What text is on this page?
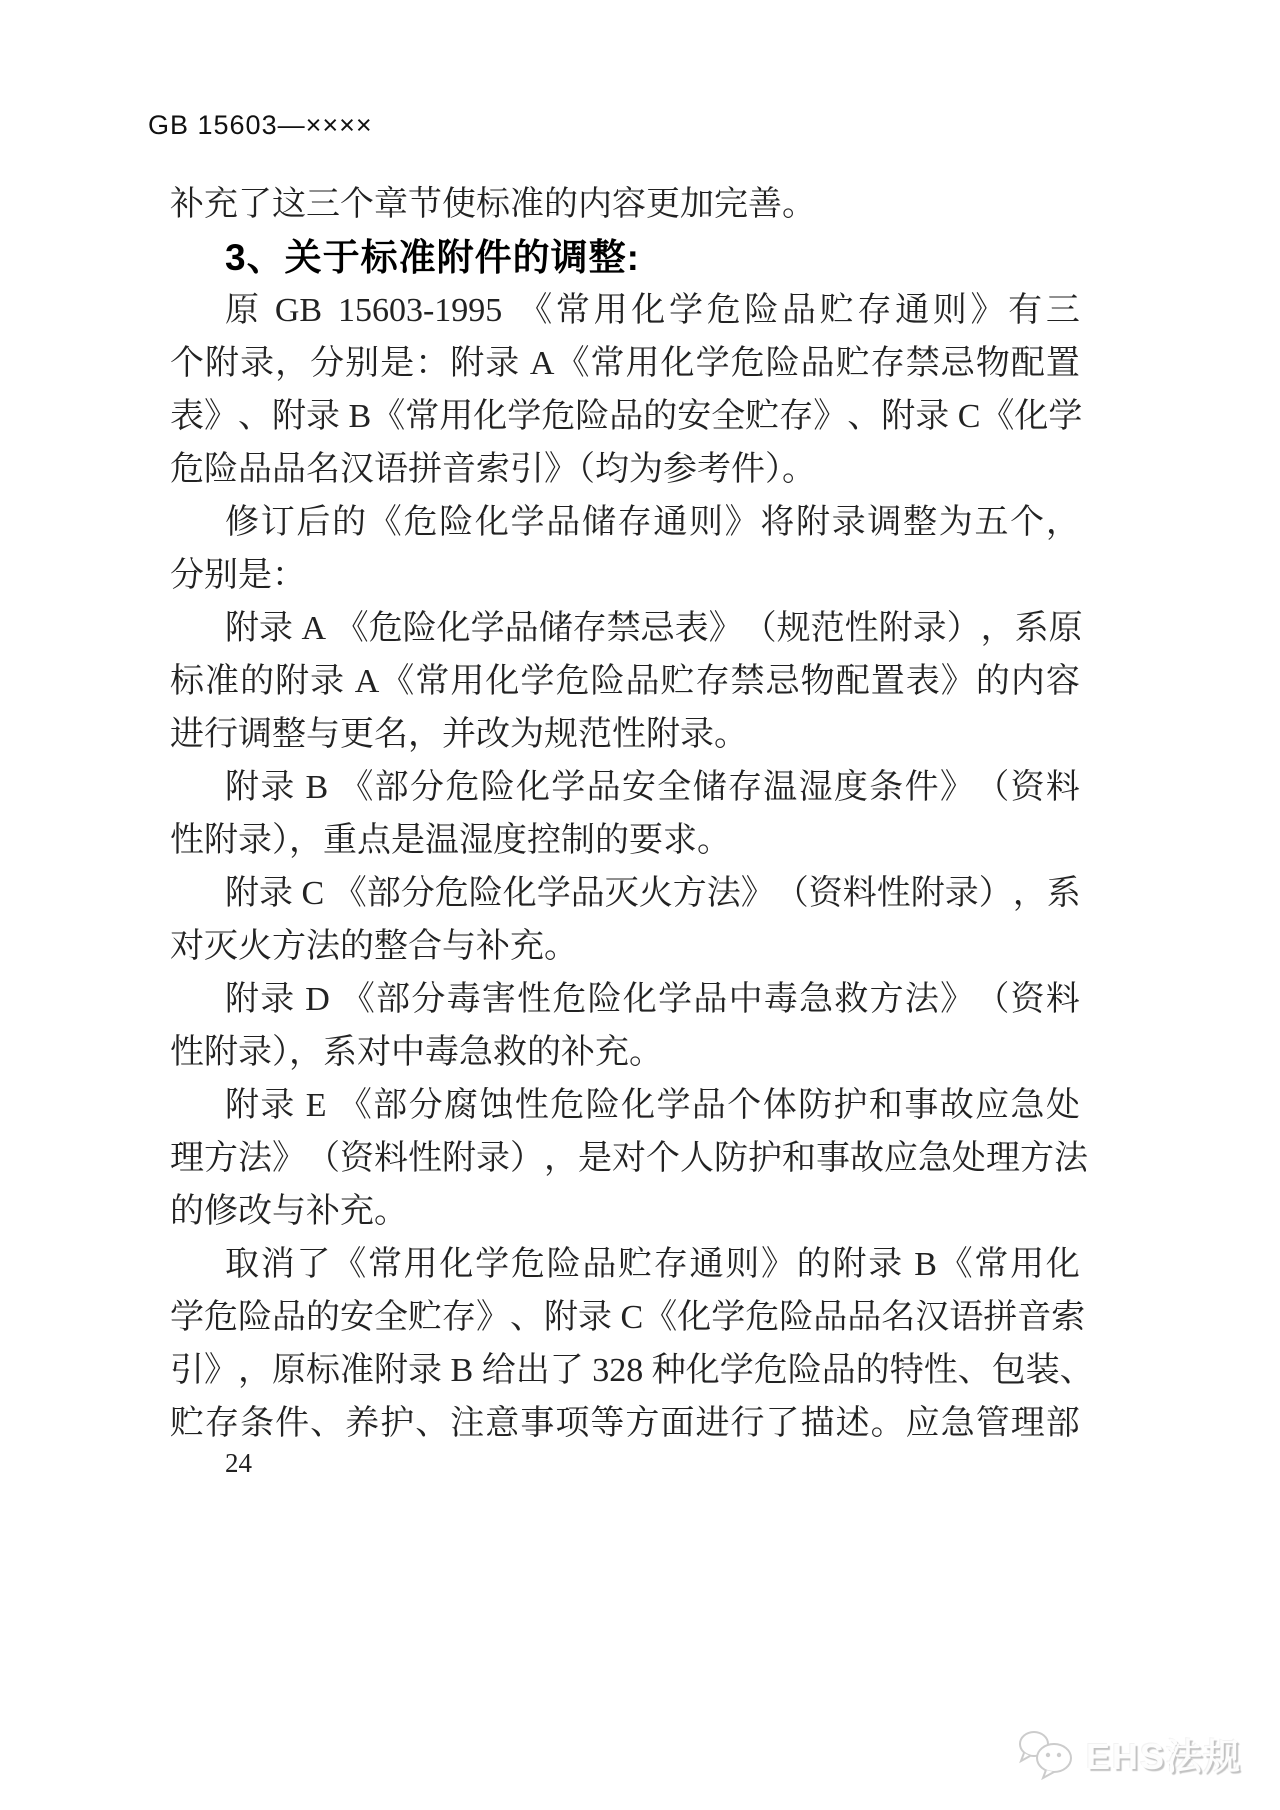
GB 15603—××××
补充了这三个章节使标准的内容更加完善。
3、关于标准附件的调整:
原
GB
15603-1995
《 常 用 化 学 危 险 品 贮 存 通 则 》 有 三
个 附 录 ， 分 别 是 ： 附 录
A 《 常 用 化 学 危 险 品 贮 存 禁 忌 物 配 置
表 》 、 附 录
B 《 常 用 化 学 危 险 品 的 安 全 贮 存 》 、 附 录
C 《 化 学
危险品品名汉语拼音索引》（均为参考件）。
修 订 后 的 《 危 险 化 学 品 储 存 通 则 》 将 附 录 调 整 为 五 个 ，
分别是：
附 录
A
《 危 险 化 学 品 储 存 禁 忌 表 》 （ 规 范 性 附 录 ） ， 系 原
标 准 的 附 录
A 《 常 用 化 学 危 险 品 贮 存 禁 忌 物 配 置 表 》 的 内 容
进行调整与更名，并改为规范性附录。
附 录
B
《 部 分 危 险 化 学 品 安 全 储 存 温 湿 度 条 件 》 （ 资 料
性附录），重点是温湿度控制的要求。
附 录
C
《 部 分 危 险 化 学 品 灭 火 方 法 》 （ 资 料 性 附 录 ） ， 系
对灭火方法的整合与补充。
附 录
D
《 部 分 毒 害 性 危 险 化 学 品 中 毒 急 救 方 法 》 （ 资 料
性附录），系对中毒急救的补充。
附 录
E
《 部 分 腐 蚀 性 危 险 化 学 品 个 体 防 护 和 事 故 应 急 处
理 方 法 》 （ 资 料 性 附 录 ） ， 是 对 个 人 防 护 和 事 故 应 急 处 理 方 法
的修改与补充。
取 消 了 《 常 用 化 学 危 险 品 贮 存 通 则 》 的 附 录
B 《 常 用 化
学 危 险 品 的 安 全 贮 存 》 、 附 录
C 《 化 学 危 险 品 品 名 汉 语 拼 音 索
引 》 ， 原 标 准 附 录
B
给 出 了
328
种 化 学 危 险 品 的 特 性 、 包 装 、
贮 存 条 件 、 养 护 、 注 意 事 项 等 方 面 进 行 了 描 述 。 应 急 管 理 部
24
EHS法规
